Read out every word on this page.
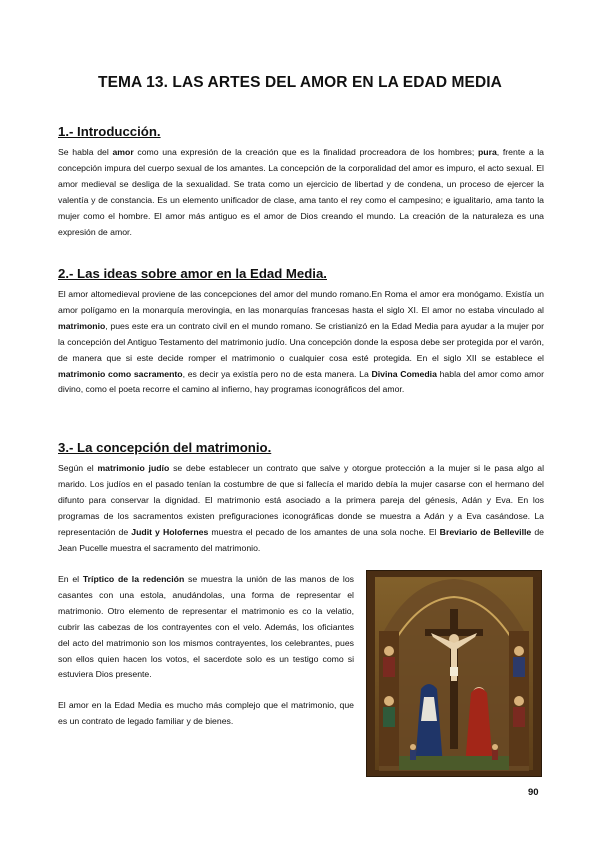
TEMA 13. LAS ARTES DEL AMOR EN LA EDAD MEDIA
1.- Introducción.

Se habla del amor como una expresión de la creación que es la finalidad procreadora de los hombres; pura, frente a la concepción impura del cuerpo sexual de los amantes. La concepción de la corporalidad del amor es impuro, el acto sexual. El amor medieval se desliga de la sexualidad. Se trata como un ejercicio de libertad y de condena, un proceso de ejercer la valentía y de constancia. Es un elemento unificador de clase, ama tanto el rey como el campesino; e igualitario, ama tanto la mujer como el hombre. El amor más antiguo es el amor de Dios creando el mundo. La creación de la naturaleza es una expresión de amor.

2.- Las ideas sobre amor en la Edad Media.

El amor altomedieval proviene de las concepciones del amor del mundo romano.En Roma el amor era monógamo. Existía un amor polígamo en la monarquía merovingia, en las monarquías francesas hasta el siglo XI. El amor no estaba vinculado al matrimonio, pues este era un contrato civil en el mundo romano. Se cristianizó en la Edad Media para ayudar a la mujer por la concepción del Antiguo Testamento del matrimonio judío. Una concepción donde la esposa debe ser protegida por el varón, de manera que si este decide romper el matrimonio o cualquier cosa esté protegida. En el siglo XII se establece el matrimonio como sacramento, es decir ya existía pero no de esta manera. La Divina Comedia habla del amor como amor divino, como el poeta recorre el camino al infierno, hay programas iconográficos del amor.

3.- La concepción del matrimonio.

Según el matrimonio judío se debe establecer un contrato que salve y otorgue protección a la mujer si le pasa algo al marido. Los judíos en el pasado tenían la costumbre de que si fallecía el marido debía la mujer casarse con el hermano del difunto para conservar la dignidad. El matrimonio está asociado a la primera pareja del génesis, Adán y Eva. En los programas de los sacramentos existen prefiguraciones iconográficas donde se muestra a Adán y a Eva casándose. La representación de Judit y Holofernes muestra el pecado de los amantes de una sola noche. El Breviario de Belleville de Jean Pucelle muestra el sacramento del matrimonio.

En el Tríptico de la redención se muestra la unión de las manos de los casantes con una estola, anudándolas, una forma de representar el matrimonio. Otro elemento de representar el matrimonio es co la velatio, cubrir las cabezas de los contrayentes con el velo. Además, los oficiantes del acto del matrimonio son los mismos contrayentes, los celebrantes, pues son ellos quien hacen los votos, el sacerdote solo es un testigo como si estuviera Dios presente.

El amor en la Edad Media es mucho más complejo que el matrimonio, que es un contrato de legado familiar y de bienes.

90
